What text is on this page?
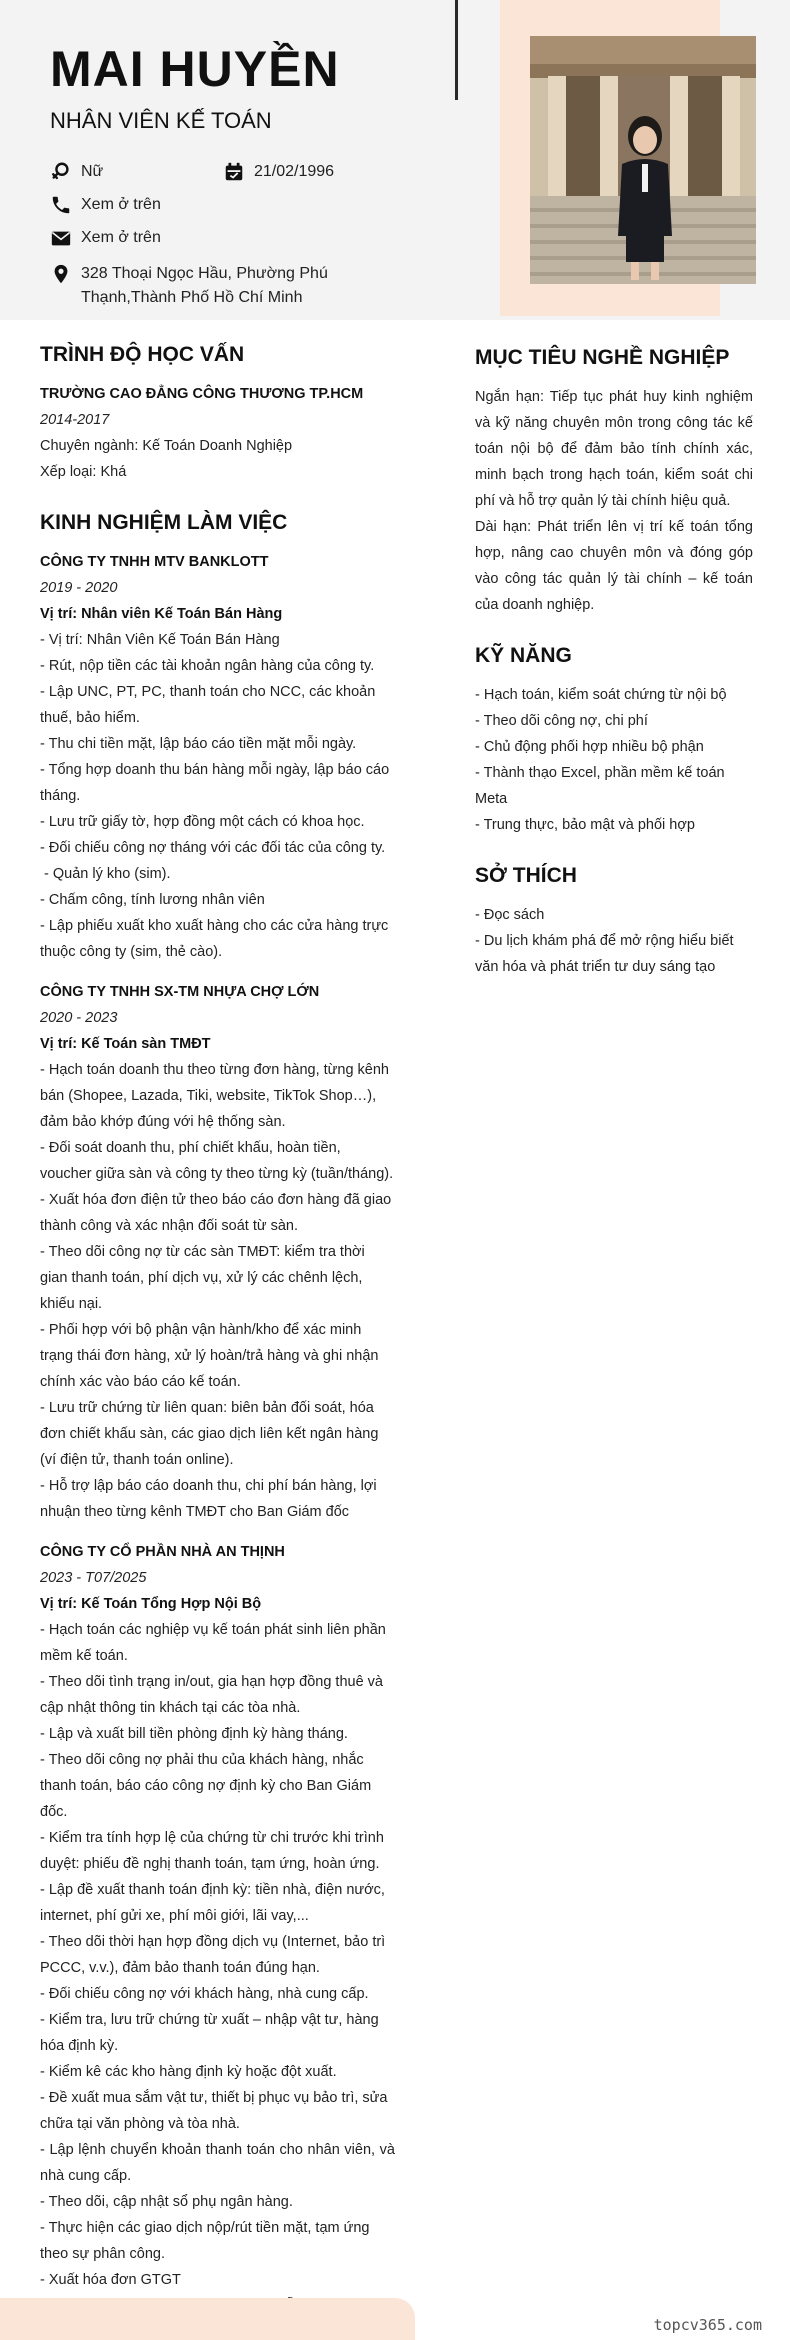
MAI HUYỀN
NHÂN VIÊN KẾ TOÁN
Nữ	21/02/1996
Xem ở trên
Xem ở trên
328 Thoại Ngọc Hầu, Phường Phú Thạnh,Thành Phố Hồ Chí Minh
TRÌNH ĐỘ HỌC VẤN
TRƯỜNG CAO ĐẲNG CÔNG THƯƠNG TP.HCM
2014-2017
Chuyên ngành: Kế Toán Doanh Nghiệp
Xếp loại: Khá
KINH NGHIỆM LÀM VIỆC
CÔNG TY TNHH MTV BANKLOTT
2019 - 2020
Vị trí: Nhân viên Kế Toán Bán Hàng
- Vị trí: Nhân Viên Kế Toán Bán Hàng
- Rút, nộp tiền các tài khoản ngân hàng của công ty.
- Lập UNC, PT, PC, thanh toán cho NCC, các khoản thuế, bảo hiểm.
- Thu chi tiền mặt, lập báo cáo tiền mặt mỗi ngày.
- Tổng hợp doanh thu bán hàng mỗi ngày, lập báo cáo tháng.
- Lưu trữ giấy tờ, hợp đồng một cách có khoa học.
- Đối chiếu công nợ tháng với các đối tác của công ty.
- Quản lý kho (sim).
- Chấm công, tính lương nhân viên
- Lập phiếu xuất kho xuất hàng cho các cửa hàng trực thuộc công ty (sim, thẻ cào).
CÔNG TY TNHH SX-TM NHỰA CHỢ LỚN
2020 - 2023
Vị trí: Kế Toán sàn TMĐT
- Hạch toán doanh thu theo từng đơn hàng, từng kênh bán (Shopee, Lazada, Tiki, website, TikTok Shop…), đảm bảo khớp đúng với hệ thống sàn.
- Đối soát doanh thu, phí chiết khấu, hoàn tiền, voucher giữa sàn và công ty theo từng kỳ (tuần/tháng).
- Xuất hóa đơn điện tử theo báo cáo đơn hàng đã giao thành công và xác nhận đối soát từ sàn.
- Theo dõi công nợ từ các sàn TMĐT: kiểm tra thời gian thanh toán, phí dịch vụ, xử lý các chênh lệch, khiếu nại.
- Phối hợp với bộ phận vận hành/kho để xác minh trạng thái đơn hàng, xử lý hoàn/trả hàng và ghi nhận chính xác vào báo cáo kế toán.
- Lưu trữ chứng từ liên quan: biên bản đối soát, hóa đơn chiết khấu sàn, các giao dịch liên kết ngân hàng (ví điện tử, thanh toán online).
- Hỗ trợ lập báo cáo doanh thu, chi phí bán hàng, lợi nhuận theo từng kênh TMĐT cho Ban Giám đốc
CÔNG TY CỔ PHẦN NHÀ AN THỊNH
2023 - T07/2025
Vị trí: Kế Toán Tổng Hợp Nội Bộ
- Hạch toán các nghiệp vụ kế toán phát sinh liên phần mềm kế toán.
- Theo dõi tình trạng in/out, gia hạn hợp đồng thuê và cập nhật thông tin khách tại các tòa nhà.
- Lập và xuất bill tiền phòng định kỳ hàng tháng.
- Theo dõi công nợ phải thu của khách hàng, nhắc thanh toán, báo cáo công nợ định kỳ cho Ban Giám đốc.
- Kiểm tra tính hợp lệ của chứng từ chi trước khi trình duyệt: phiếu đề nghị thanh toán, tạm ứng, hoàn ứng.
- Lập đề xuất thanh toán định kỳ: tiền nhà, điện nước, internet, phí gửi xe, phí môi giới, lãi vay,...
- Theo dõi thời hạn hợp đồng dịch vụ (Internet, bảo trì PCCC, v.v.), đảm bảo thanh toán đúng hạn.
- Đối chiếu công nợ với khách hàng, nhà cung cấp.
- Kiểm tra, lưu trữ chứng từ xuất – nhập vật tư, hàng hóa định kỳ.
- Kiểm kê các kho hàng định kỳ hoặc đột xuất.
- Đề xuất mua sắm vật tư, thiết bị phục vụ bảo trì, sửa chữa tại văn phòng và tòa nhà.
- Lập lệnh chuyển khoản thanh toán cho nhân viên, và nhà cung cấp.
- Theo dõi, cập nhật sổ phụ ngân hàng.
- Thực hiện các giao dịch nộp/rút tiền mặt, tạm ứng theo sự phân công.
- Xuất hóa đơn GTGT
MỤC TIÊU NGHỀ NGHIỆP
Ngắn hạn: Tiếp tục phát huy kinh nghiệm và kỹ năng chuyên môn trong công tác kế toán nội bộ để đảm bảo tính chính xác, minh bạch trong hạch toán, kiểm soát chi phí và hỗ trợ quản lý tài chính hiệu quả.
Dài hạn: Phát triển lên vị trí kế toán tổng hợp, nâng cao chuyên môn và đóng góp vào công tác quản lý tài chính – kế toán của doanh nghiệp.
KỸ NĂNG
- Hạch toán, kiểm soát chứng từ nội bộ
- Theo dõi công nợ, chi phí
- Chủ động phối hợp nhiều bộ phận
- Thành thạo Excel, phần mềm kế toán Meta
- Trung thực, bảo mật và phối hợp
SỞ THÍCH
- Đọc sách
- Du lịch khám phá để mở rộng hiểu biết văn hóa và phát triển tư duy sáng tạo
topcv365.com
